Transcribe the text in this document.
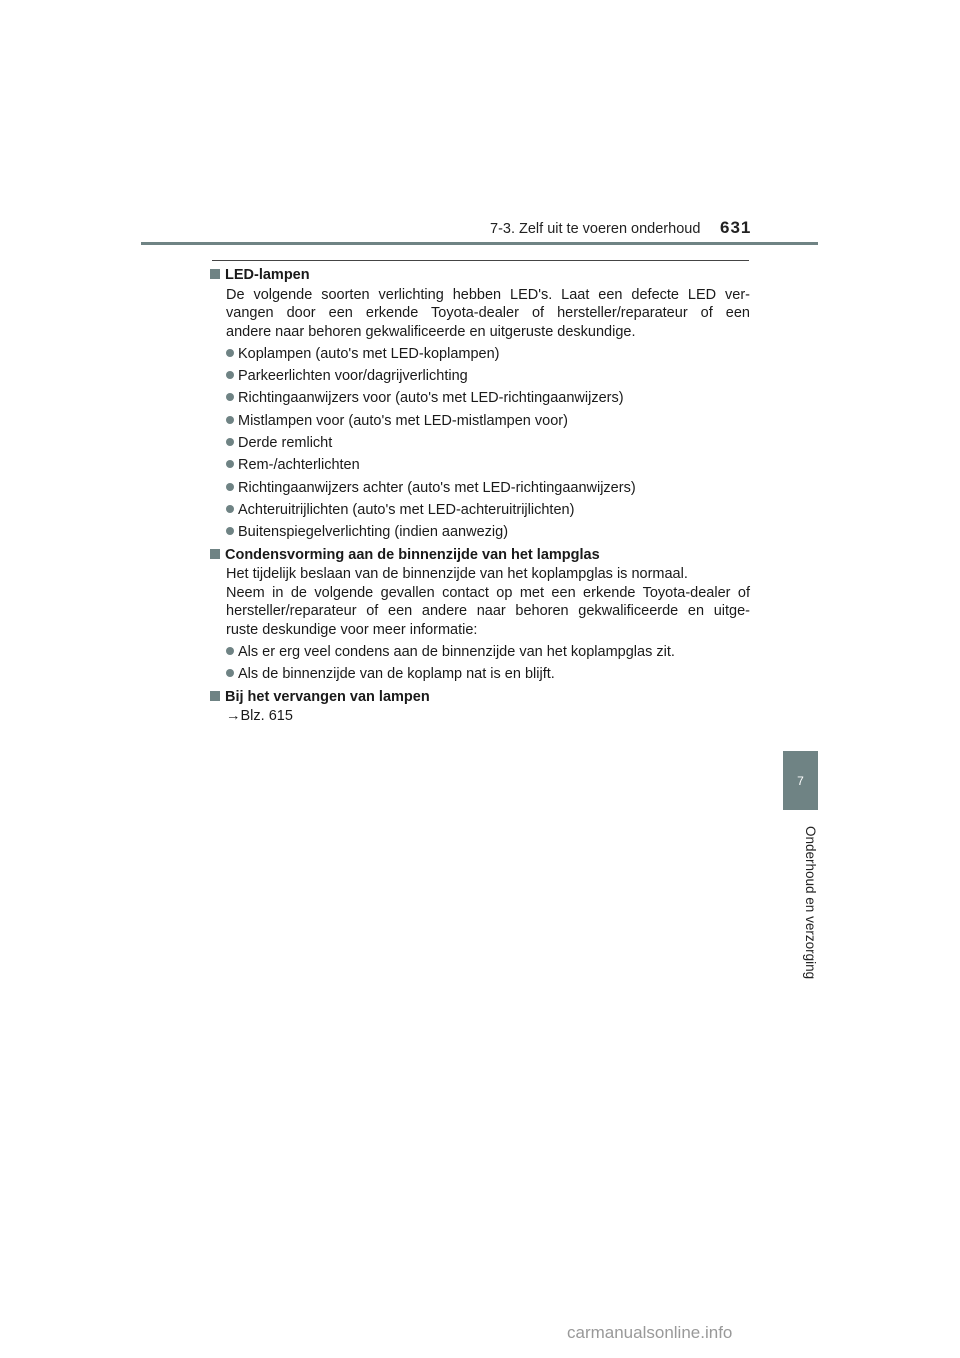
7-3. Zelf uit te voeren onderhoud 631
7
Onderhoud en verzorging
LED-lampen
De volgende soorten verlichting hebben LED's. Laat een defecte LED ver-
vangen door een erkende Toyota-dealer of hersteller/reparateur of een
andere naar behoren gekwalificeerde en uitgeruste deskundige.
Koplampen (auto's met LED-koplampen)
Parkeerlichten voor/dagrijverlichting
Richtingaanwijzers voor (auto's met LED-richtingaanwijzers)
Mistlampen voor (auto's met LED-mistlampen voor)
Derde remlicht
Rem-/achterlichten
Richtingaanwijzers achter (auto's met LED-richtingaanwijzers)
Achteruitrijlichten (auto's met LED-achteruitrijlichten)
Buitenspiegelverlichting (indien aanwezig)
Condensvorming aan de binnenzijde van het lampglas
Het tijdelijk beslaan van de binnenzijde van het koplampglas is normaal.
Neem in de volgende gevallen contact op met een erkende Toyota-dealer of
hersteller/reparateur of een andere naar behoren gekwalificeerde en uitge-
ruste deskundige voor meer informatie:
Als er erg veel condens aan de binnenzijde van het koplampglas zit.
Als de binnenzijde van de koplamp nat is en blijft.
Bij het vervangen van lampen
→Blz. 615
carmanualsonline.info
